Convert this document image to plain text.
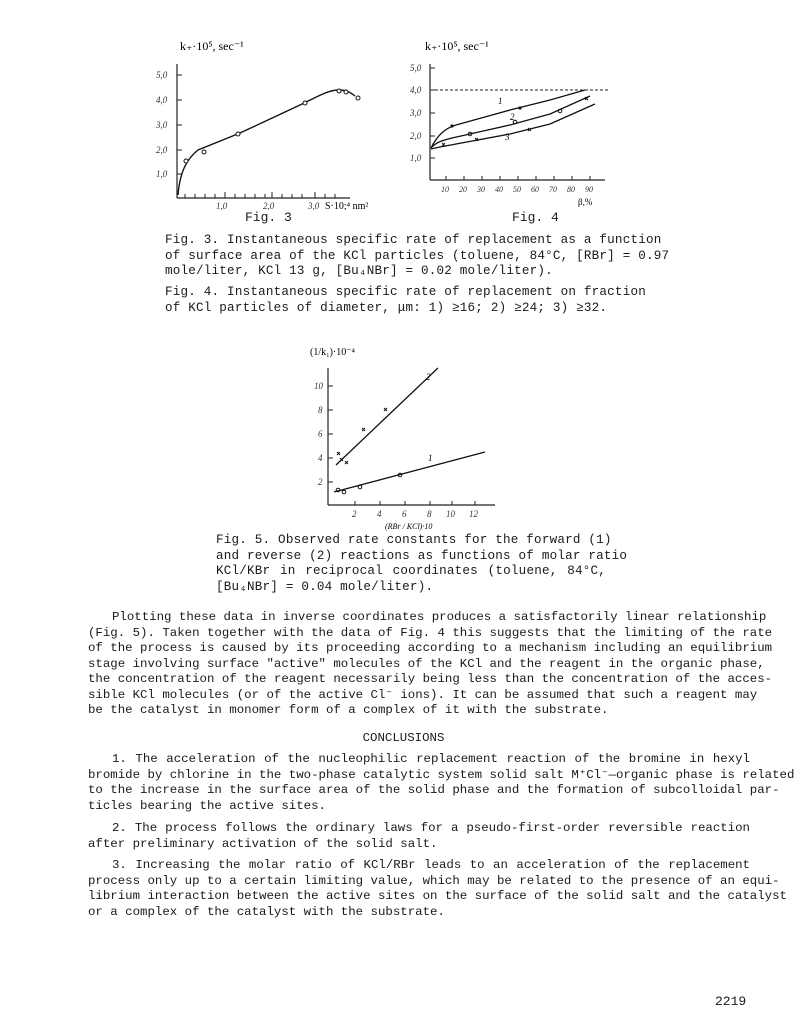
k₊·10⁵, sec⁻¹
5,0
4,0
3,0
2,0
1,0
1,0	2,0	3,0 S·10;⁴ nm²
Fig. 3
k₊·10⁵, sec⁻¹
5,0
4,0
3,0
2,0
1,0
10 20 30 40 50 60 70 80 90
β,%
1
2
3
Fig. 4
Fig. 3. Instantaneous specific rate of replacement as a function
of surface area of the KCl particles (toluene, 84°C, [RBr] = 0.97
mole/liter, KCl 13 g, [Bu₄NBr] = 0.02 mole/liter).
Fig. 4. Instantaneous specific rate of replacement on fraction
of KCl particles of diameter, μm: 1) ≥16; 2) ≥24; 3) ≥32.
(1/k₁)·10⁻⁴
10
8
6
4
2
2 4 6 8 10 12
(RBr / KCl)·10
2
1
Fig. 5. Observed rate constants for the forward (1)
and reverse (2) reactions as functions of molar ratio
KCl/KBr in reciprocal coordinates (toluene, 84°C,
[Bu₄NBr] = 0.04 mole/liter).
Plotting these data in inverse coordinates produces a satisfactorily linear relationship
(Fig. 5). Taken together with the data of Fig. 4 this suggests that the limiting of the rate
of the process is caused by its proceeding according to a mechanism including an equilibrium
stage involving surface "active" molecules of the KCl and the reagent in the organic phase,
the concentration of the reagent necessarily being less than the concentration of the acces-
sible KCl molecules (or of the active Cl⁻ ions). It can be assumed that such a reagent may
be the catalyst in monomer form of a complex of it with the substrate.
CONCLUSIONS
1. The acceleration of the nucleophilic replacement reaction of the bromine in hexyl
bromide by chlorine in the two-phase catalytic system solid salt M⁺Cl⁻—organic phase is related
to the increase in the surface area of the solid phase and the formation of subcolloidal par-
ticles bearing the active sites.
2. The process follows the ordinary laws for a pseudo-first-order reversible reaction
after preliminary activation of the solid salt.
3. Increasing the molar ratio of KCl/RBr leads to an acceleration of the replacement
process only up to a certain limiting value, which may be related to the presence of an equi-
librium interaction between the active sites on the surface of the solid salt and the catalyst
or a complex of the catalyst with the substrate.
2219
